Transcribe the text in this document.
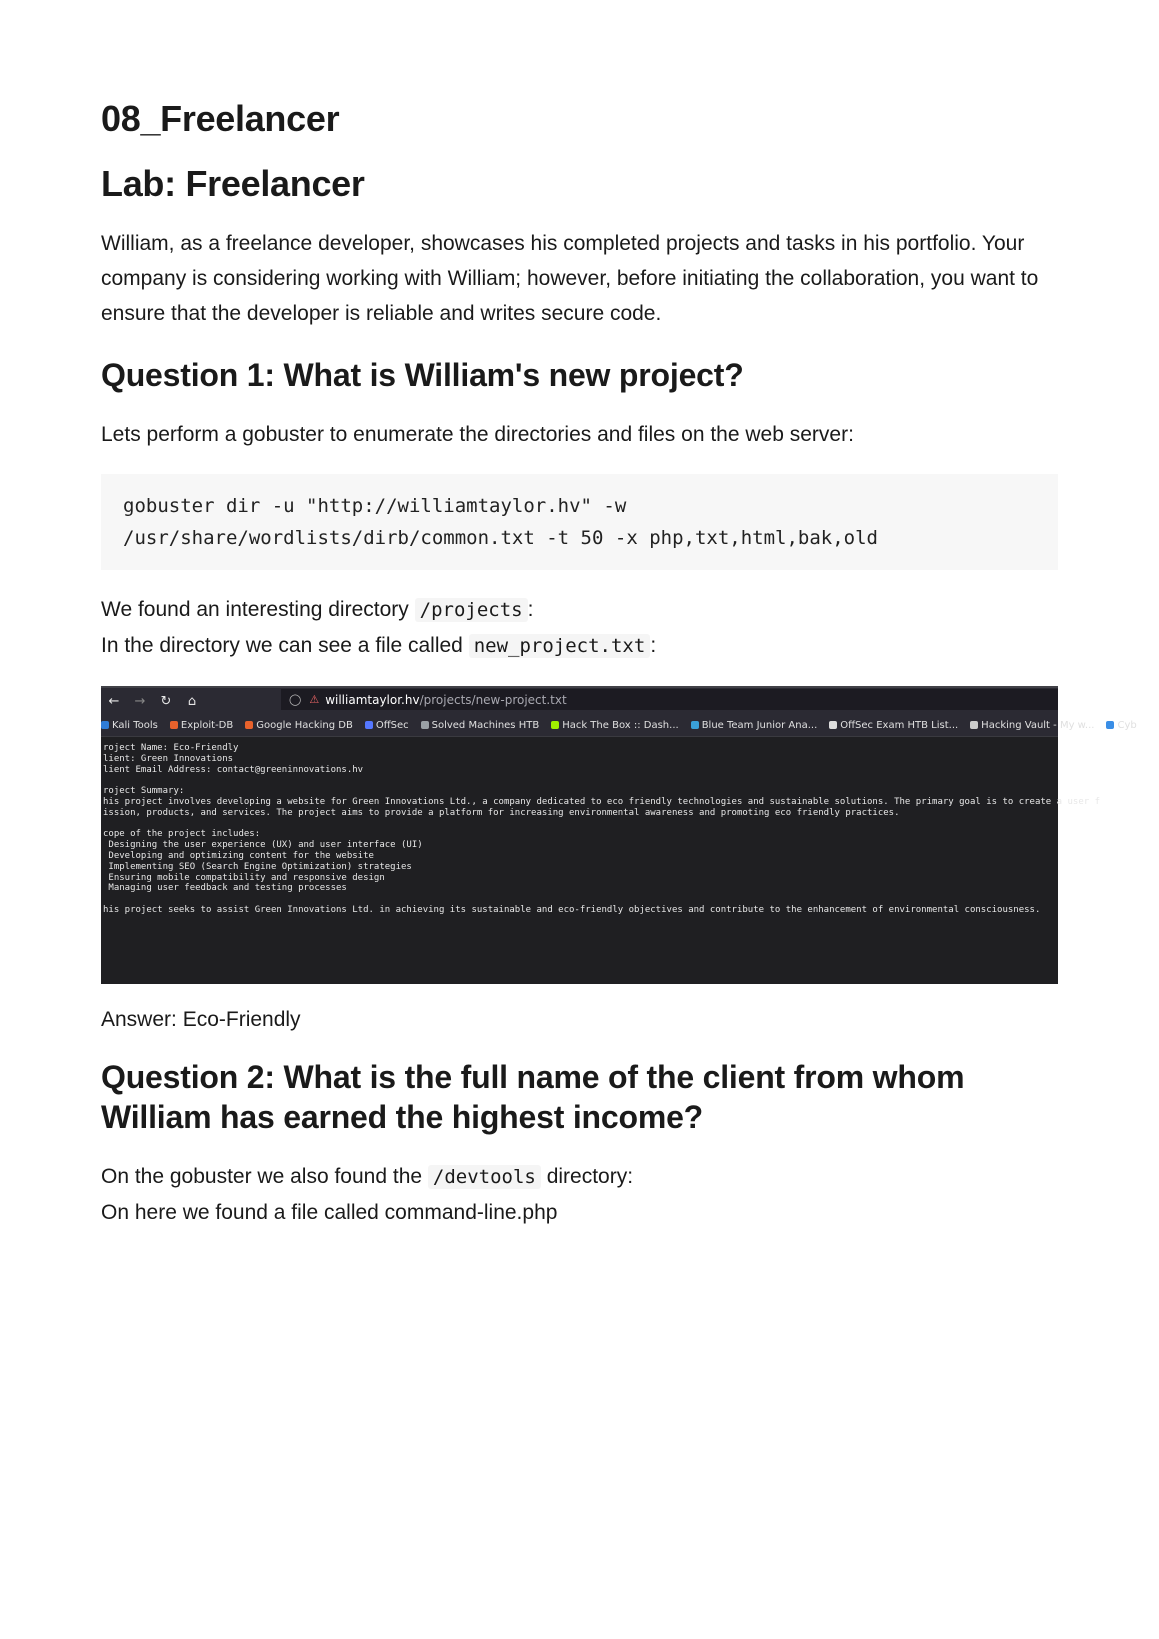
08_Freelancer
Lab: Freelancer

William, as a freelance developer, showcases his completed projects and tasks in his portfolio. Your company is considering working with William; however, before initiating the collaboration, you want to ensure that the developer is reliable and writes secure code.

Question 1: What is William's new project?

Lets perform a gobuster to enumerate the directories and files on the web server:

gobuster dir -u "http://williamtaylor.hv" -w
/usr/share/wordlists/dirb/common.txt -t 50 -x php,txt,html,bak,old

We found an interesting directory /projects :

In the directory we can see a file called new_project.txt :

←	→	↻	⌂	◯ ⚠ williamtaylor.hv /projects/new-project.txt
Kali Tools Exploit-DB Google Hacking DB OffSec Solved Machines HTB Hack The Box :: Dash... Blue Team Junior Ana... OffSec Exam HTB List... Hacking Vault - My w... Cyb
roject Name: Eco-Friendly
lient: Green Innovations
lient Email Address: contact@greeninnovations.hv

roject Summary:
his project involves developing a website for Green Innovations Ltd., a company dedicated to eco friendly technologies and sustainable solutions. The primary goal is to create a user f
ission, products, and services. The project aims to provide a platform for increasing environmental awareness and promoting eco friendly practices.

cope of the project includes:
Designing the user experience (UX) and user interface (UI)
Developing and optimizing content for the website
Implementing SEO (Search Engine Optimization) strategies
Ensuring mobile compatibility and responsive design
Managing user feedback and testing processes

his project seeks to assist Green Innovations Ltd. in achieving its sustainable and eco-friendly objectives and contribute to the enhancement of environmental consciousness.

Answer: Eco-Friendly

Question 2: What is the full name of the client from whom William has earned the highest income?

On the gobuster we also found the /devtools directory:

On here we found a file called command-line.php
